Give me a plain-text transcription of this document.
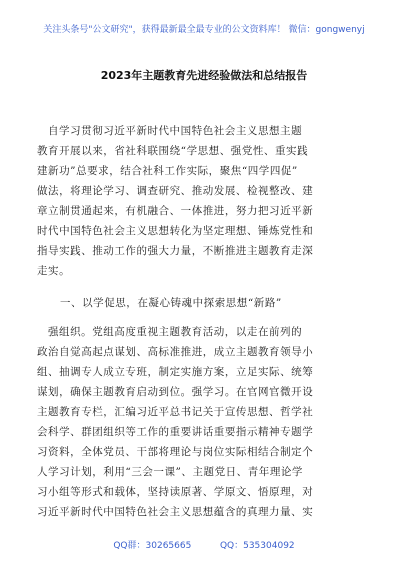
关注头条号"公文研究"，获得最新最全最专业的公文资料库！ 微信：gongwenyj
2023年主题教育先进经验做法和总结报告
自学习贯彻习近平新时代中国特色社会主义思想主题
教育开展以来，省社科联围绕“学思想、强党性、重实践
建新功”总要求，结合社科工作实际，聚焦“四学四促”
做法，将理论学习、调查研究、推动发展、检视整改、建
章立制贯通起来，有机融合、一体推进，努力把习近平新
时代中国特色社会主义思想转化为坚定理想、锤炼党性和
指导实践、推动工作的强大力量，不断推进主题教育走深
走实。
一、以学促思，在凝心铸魂中探索思想“新路”
强组织。党组高度重视主题教育活动，以走在前列的
政治自觉高起点谋划、高标准推进，成立主题教育领导小
组、抽调专人成立专班，制定实施方案，立足实际、统筹
谋划，确保主题教育启动到位。强学习。在官网官微开设
主题教育专栏，汇编习近平总书记关于宣传思想、哲学社
会科学、群团组织等工作的重要讲话重要指示精神专题学
习资料，全体党员、干部将理论与岗位实际相结合制定个
人学习计划，利用“三会一课”、主题党日、青年理论学
习小组等形式和载体，坚持读原著、学原文、悟原理，对
习近平新时代中国特色社会主义思想蕴含的真理力量、实
QQ群：30265665	QQ：535304092
